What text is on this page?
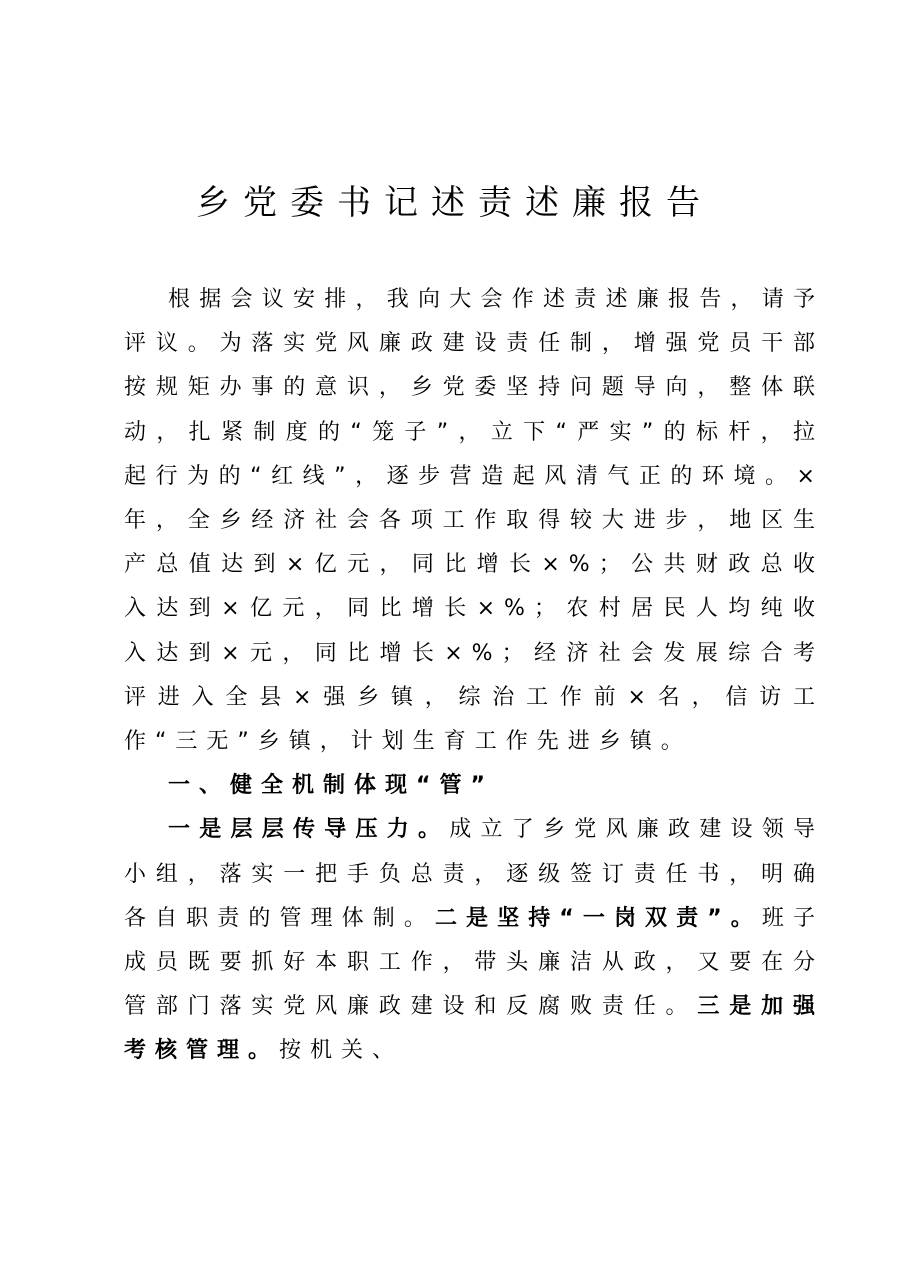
乡党委书记述责述廉报告

根据会议安排，我向大会作述责述廉报告，请予评议。为落实党风廉政建设责任制，增强党员干部按规矩办事的意识，乡党委坚持问题导向，整体联动，扎紧制度的“笼子”，立下“严实”的标杆，拉起行为的“红线”，逐步营造起风清气正的环境。×年，全乡经济社会各项工作取得较大进步，地区生产总值达到×亿元，同比增长×%；公共财政总收入达到×亿元，同比增长×%；农村居民人均纯收入达到×元，同比增长×%；经济社会发展综合考评进入全县×强乡镇，综治工作前×名，信访工作“三无”乡镇，计划生育工作先进乡镇。

一、健全机制体现“管”

一是层层传导压力。成立了乡党风廉政建设领导小组，落实一把手负总责，逐级签订责任书，明确各自职责的管理体制。二是坚持“一岗双责”。班子成员既要抓好本职工作，带头廉洁从政，又要在分管部门落实党风廉政建设和反腐败责任。三是加强考核管理。按机关、
